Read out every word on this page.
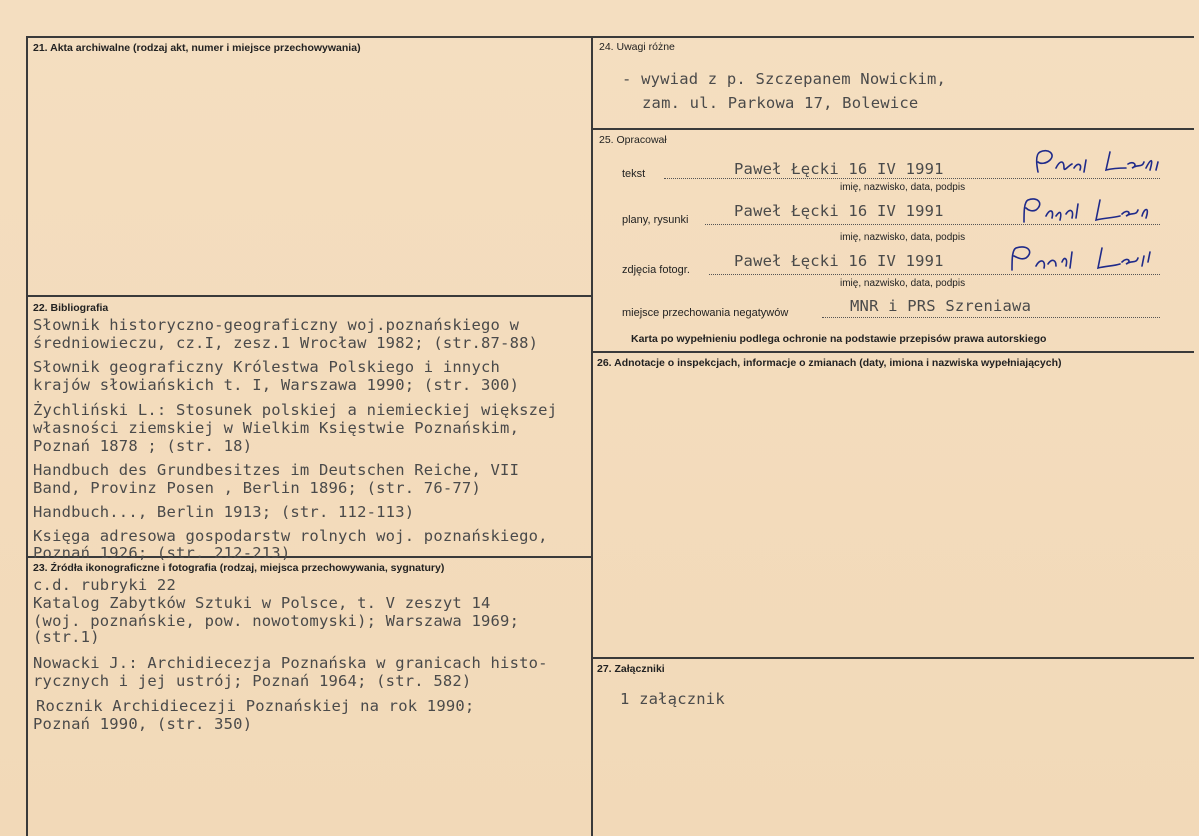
21. Akta archiwalne (rodzaj akt, numer i miejsce przechowywania)
22. Bibliografia
Słownik historyczno-geograficzny woj.poznańskiego w
średniowieczu, cz.I, zesz.1 Wrocław 1982; (str.87-88)
Słownik geograficzny Królestwa Polskiego i innych
krajów słowiańskich t. I, Warszawa 1990; (str. 300)
Żychliński L.: Stosunek polskiej a niemieckiej większej
własności ziemskiej w Wielkim Księstwie Poznańskim,
Poznań 1878 ; (str. 18)
Handbuch des Grundbesitzes im Deutschen Reiche, VII
Band, Provinz Posen , Berlin 1896; (str. 76-77)
Handbuch..., Berlin 1913; (str. 112-113)
Księga adresowa gospodarstw rolnych woj. poznańskiego,
Poznań 1926; (str. 212-213)
23. Źródła ikonograficzne i fotografia (rodzaj, miejsca przechowywania, sygnatury)
c.d. rubryki 22
Katalog Zabytków Sztuki w Polsce, t. V zeszyt 14
(woj. poznańskie, pow. nowotomyski); Warszawa 1969;
(str.1)
Nowacki J.: Archidiecezja Poznańska w granicach histo-
rycznych i jej ustrój; Poznań 1964; (str. 582)
Rocznik Archidiecezji Poznańskiej na rok 1990;
Poznań 1990, (str. 350)
24. Uwagi różne
- wywiad z p. Szczepanem Nowickim,
zam. ul. Parkowa 17, Bolewice
25. Opracował
tekst	Paweł Łęcki 16 IV 1991
imię, nazwisko, data, podpis
plany, rysunki	Paweł Łęcki 16 IV 1991
imię, nazwisko, data, podpis
zdjęcia fotogr.	Paweł Łęcki 16 IV 1991
imię, nazwisko, data, podpis
miejsce przechowania negatywów	MNR i PRS Szreniawa
Karta po wypełnieniu podlega ochronie na podstawie przepisów prawa autorskiego
26. Adnotacje o inspekcjach, informacje o zmianach (daty, imiona i nazwiska wypełniających)
27. Załączniki
1 załącznik
